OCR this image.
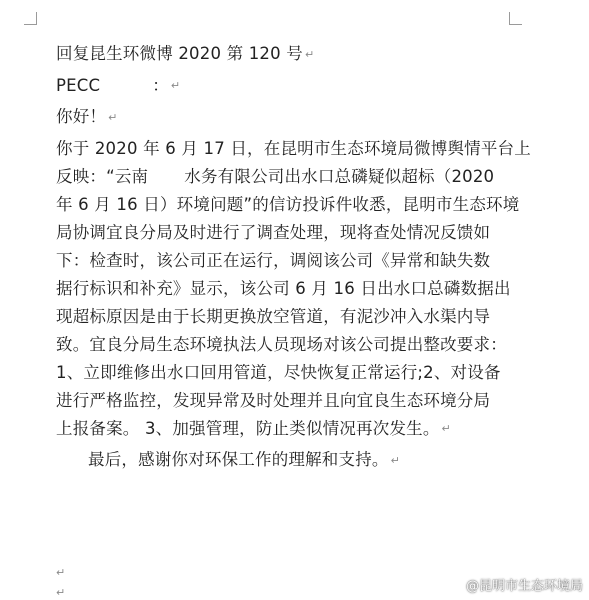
回复昆生环微博 2020 第 120 号 ↵
PECC	： ↵
你好！ ↵
你于 2020 年 6 月 17 日，在昆明市生态环境局微博舆情平台上
反映：“云南 水务有限公司出水口总磷疑似超标（2020
年 6 月 16 日）环境问题”的信访投诉件收悉，昆明市生态环境
局协调宜良分局及时进行了调查处理，现将查处情况反馈如
下：检查时，该公司正在运行，调阅该公司《异常和缺失数
据行标识和补充》显示，该公司 6 月 16 日出水口总磷数据出
现超标原因是由于长期更换放空管道，有泥沙冲入水渠内导
致。宜良分局生态环境执法人员现场对该公司提出整改要求：
1、立即维修出水口回用管道，尽快恢复正常运行;2、对设备
进行严格监控，发现异常及时处理并且向宜良生态环境分局
上报备案。 3、加强管理，防止类似情况再次发生。 ↵
最后，感谢你对环保工作的理解和支持。 ↵
↵
↵	@昆明市生态环境局
